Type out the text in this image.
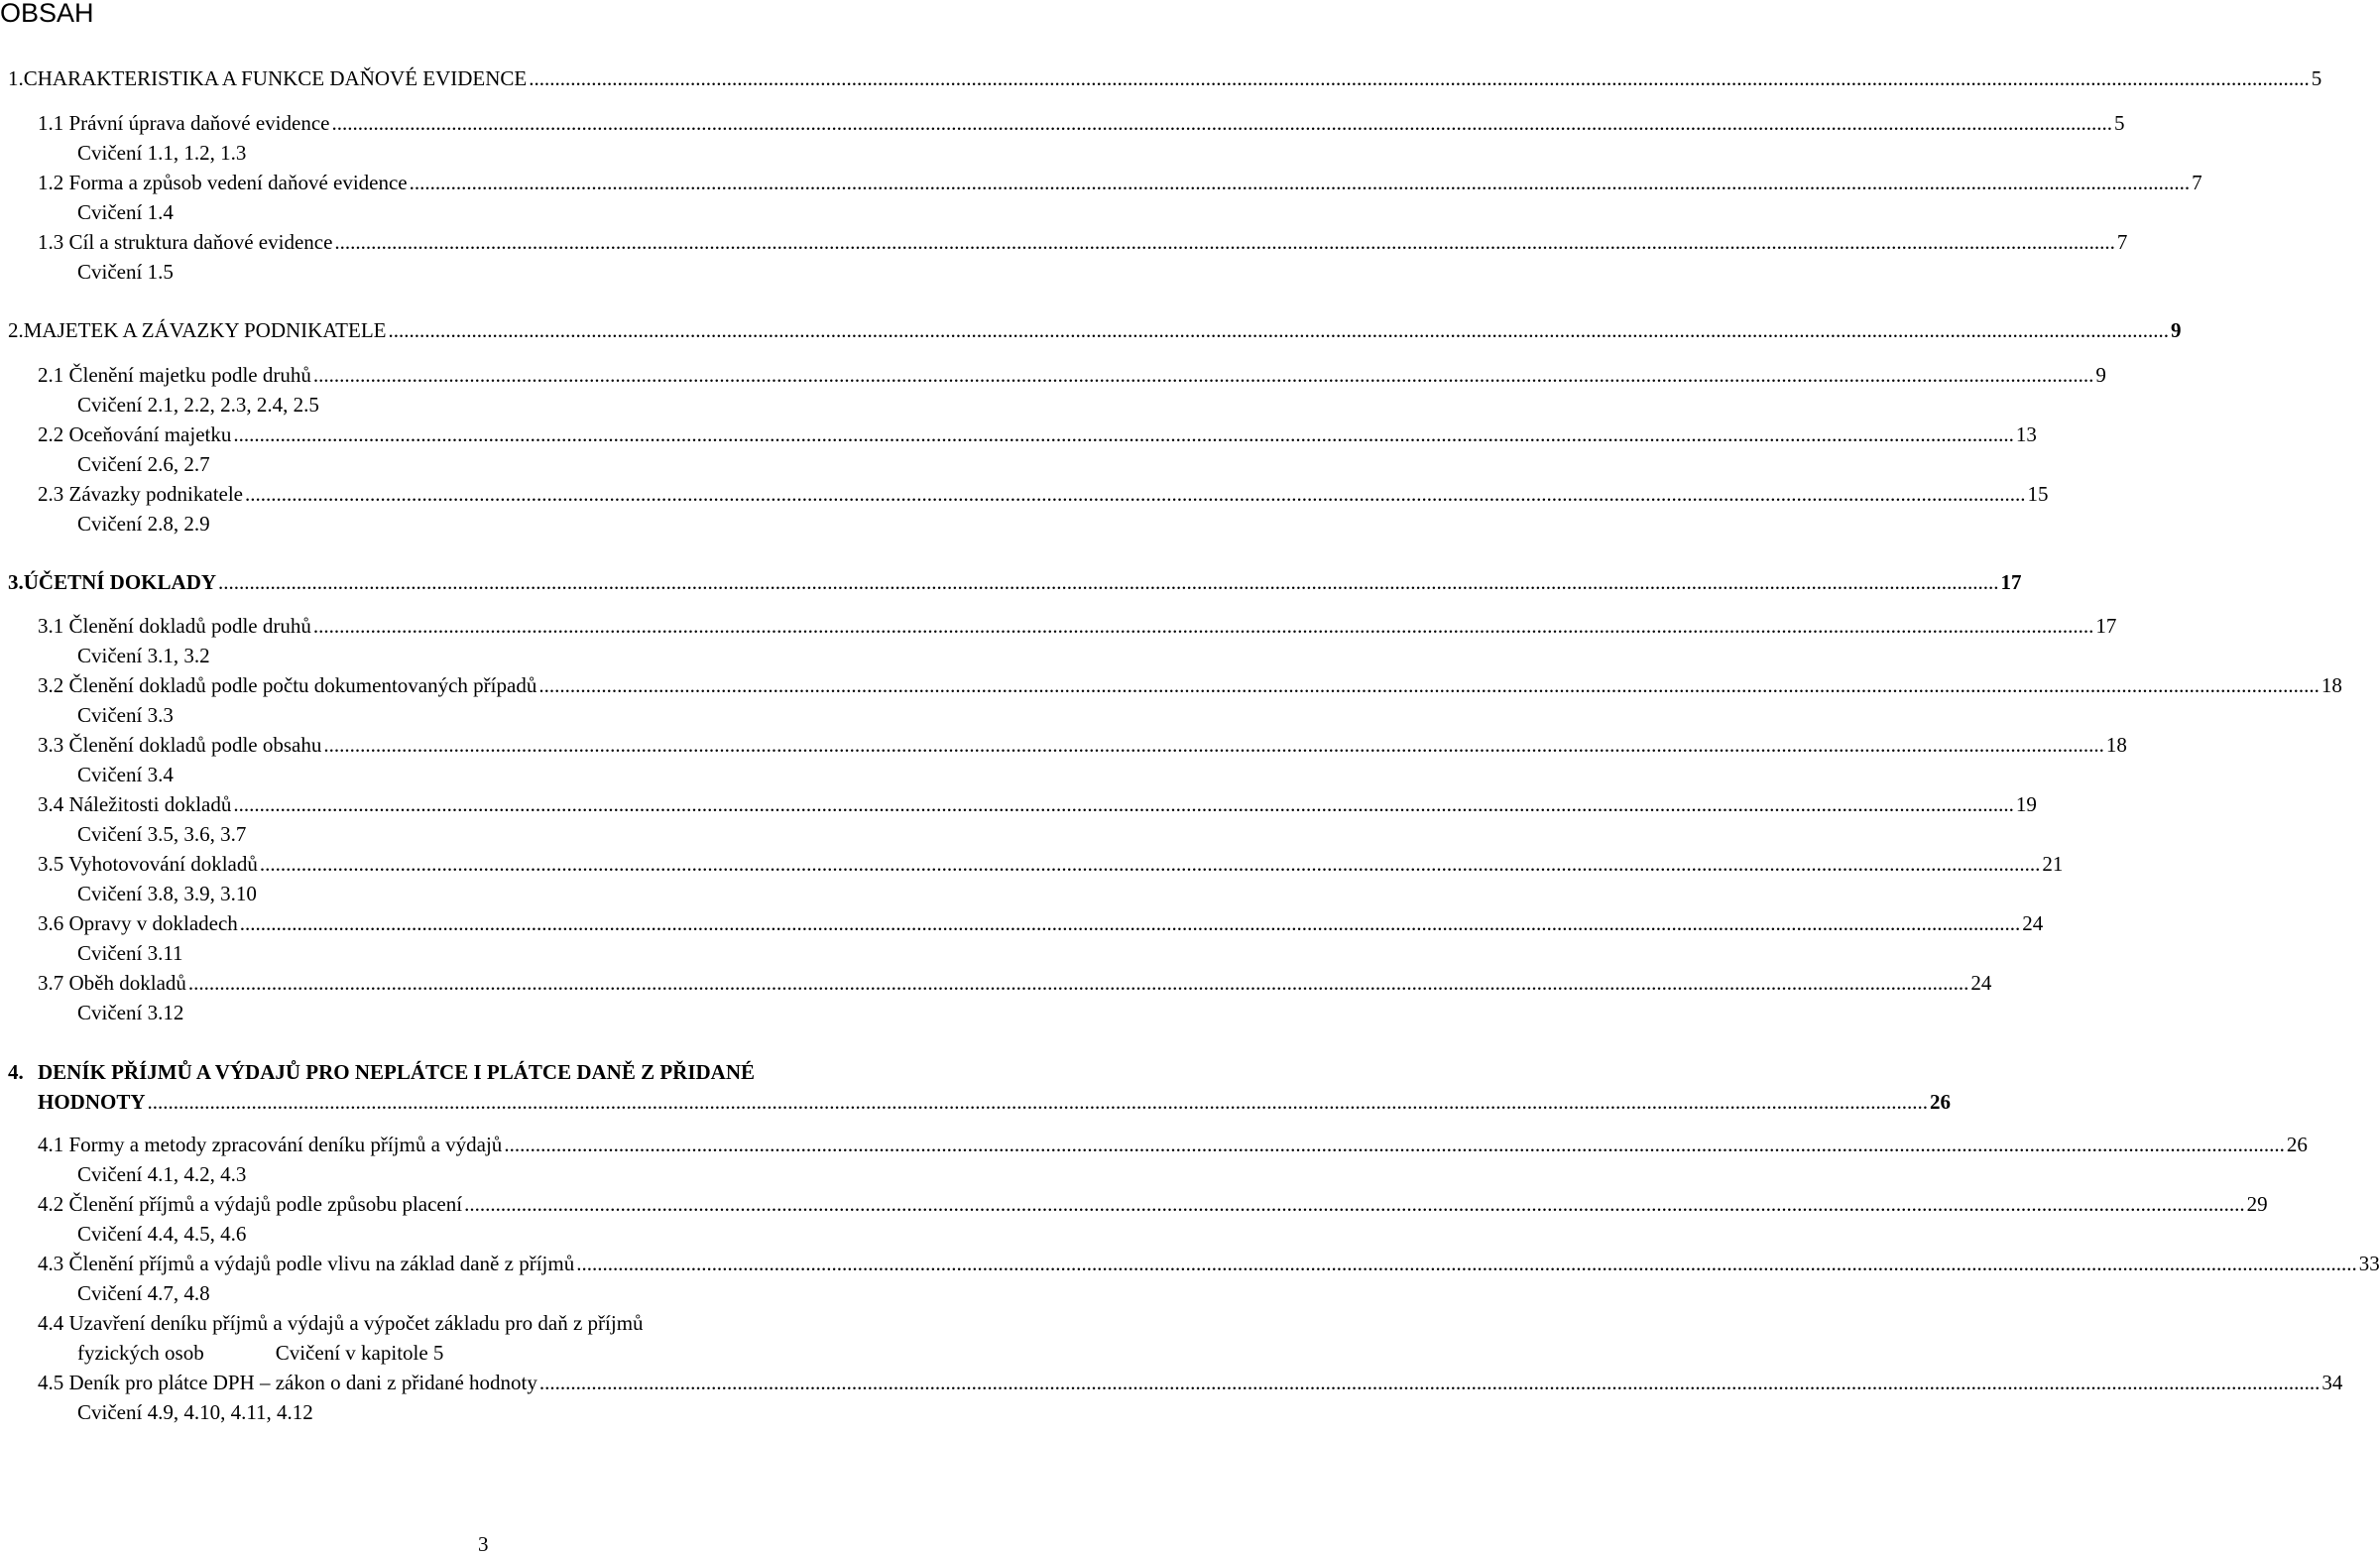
OBSAH
1. CHARAKTERISTIKA A FUNKCE DAŇOVÉ EVIDENCE .....	5
1.1 Právní úprava daňové evidence .....	5
Cvičení 1.1, 1.2, 1.3
1.2 Forma a způsob vedení daňové evidence .....	7
Cvičení 1.4
1.3 Cíl a struktura daňové evidence .....	7
Cvičení 1.5
2. MAJETEK A ZÁVAZKY PODNIKATELE .....	9
2.1 Členění majetku podle druhů .....	9
Cvičení 2.1, 2.2, 2.3, 2.4, 2.5
2.2 Oceňování majetku .....	13
Cvičení 2.6, 2.7
2.3 Závazky podnikatele .....	15
Cvičení 2.8, 2.9
3. ÚČETNÍ DOKLADY .....	17
3.1 Členění dokladů podle druhů .....	17
Cvičení 3.1, 3.2
3.2 Členění dokladů podle počtu dokumentovaných případů .....	18
Cvičení 3.3
3.3 Členění dokladů podle obsahu .....	18
Cvičení 3.4
3.4 Náležitosti dokladů .....	19
Cvičení 3.5, 3.6, 3.7
3.5 Vyhotovování dokladů .....	21
Cvičení 3.8, 3.9, 3.10
3.6 Opravy v dokladech .....	24
Cvičení 3.11
3.7 Oběh dokladů .....	24
Cvičení 3.12
4. DENÍK PŘÍJMŮ A VÝDAJŮ PRO NEPLÁTCE I PLÁTCE DANĚ Z PŘIDANÉ
HODNOTY .....	26
4.1 Formy a metody zpracování deníku příjmů a výdajů .....	26
Cvičení 4.1, 4.2, 4.3
4.2 Členění příjmů a výdajů podle způsobu placení .....	29
Cvičení 4.4, 4.5, 4.6
4.3 Členění příjmů a výdajů podle vlivu na základ daně z příjmů .....	33
Cvičení 4.7, 4.8
4.4 Uzavření deníku příjmů a výdajů a výpočet základu pro daň z příjmů
fyzických osob	Cvičení v kapitole 5
4.5 Deník pro plátce DPH – zákon o dani z přidané hodnoty .....	34
Cvičení 4.9, 4.10, 4.11, 4.12
3
